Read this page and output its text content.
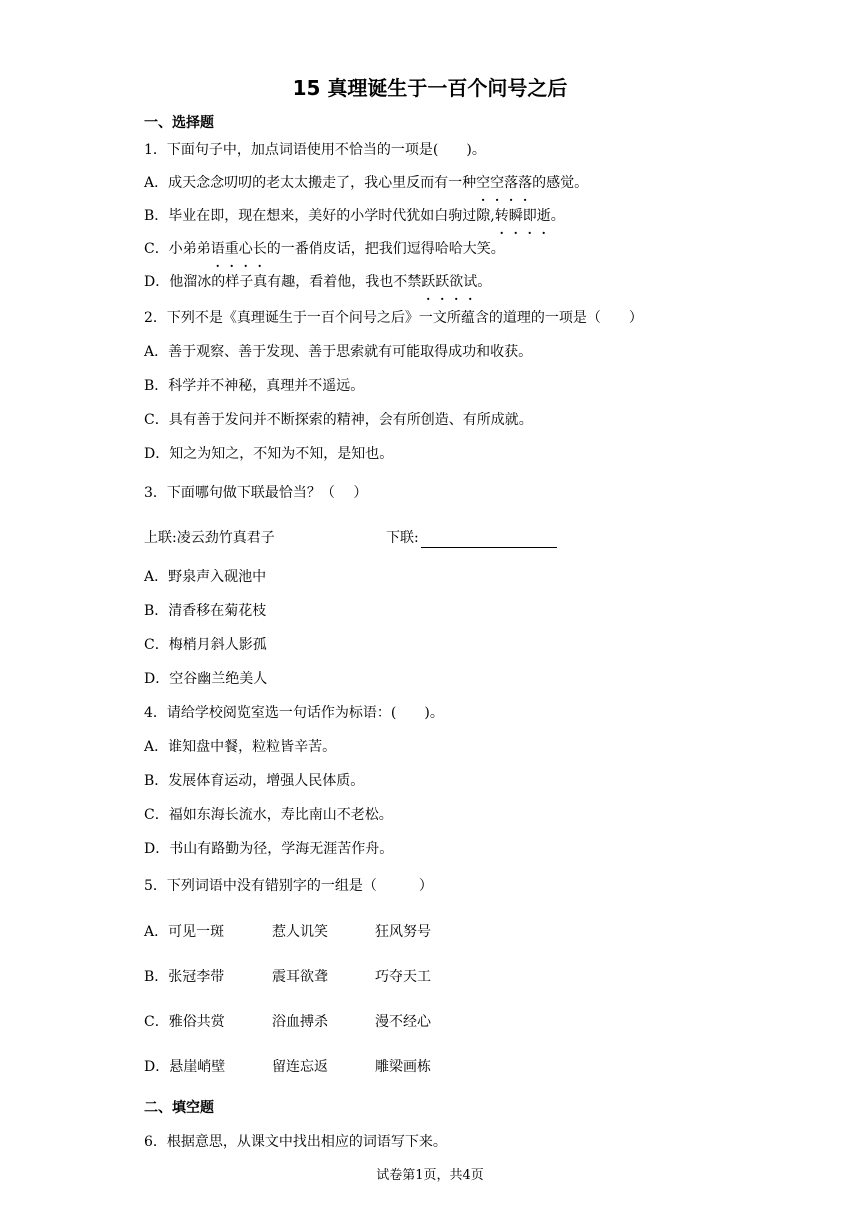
15 真理诞生于一百个问号之后
一、选择题
1．下面句子中，加点词语使用不恰当的一项是(　　)。
A．成天念念叨叨的老太太搬走了，我心里反而有一种空空落落的感觉。
B．毕业在即，现在想来，美好的小学时代犹如白驹过隙,转瞬即逝。
C．小弟弟语重心长的一番俏皮话，把我们逗得哈哈大笑。
D．他溜冰的样子真有趣，看着他，我也不禁跃跃欲试。
2．下列不是《真理诞生于一百个问号之后》一文所蕴含的道理的一项是（　　）
A．善于观察、善于发现、善于思索就有可能取得成功和收获。
B．科学并不神秘，真理并不遥远。
C．具有善于发问并不断探索的精神，会有所创造、有所成就。
D．知之为知之，不知为不知，是知也。
3．下面哪句做下联最恰当？（　 ）
上联:凌云劲竹真君子	下联:
A．野泉声入砚池中
B．清香移在菊花枝
C．梅梢月斜人影孤
D．空谷幽兰绝美人
4．请给学校阅览室选一句话作为标语：(　　)。
A．谁知盘中餐，粒粒皆辛苦。
B．发展体育运动，增强人民体质。
C．福如东海长流水，寿比南山不老松。
D．书山有路勤为径，学海无涯苦作舟。
5．下列词语中没有错别字的一组是（　　　）
A．可见一斑	惹人讥笑	狂风努号
B．张冠李带	震耳欲聋	巧夺天工
C．雅俗共赏	浴血搏杀	漫不经心
D．悬崖峭壁	留连忘返	雕梁画栋
二、填空题
6．根据意思，从课文中找出相应的词语写下来。
试卷第1页，共4页
